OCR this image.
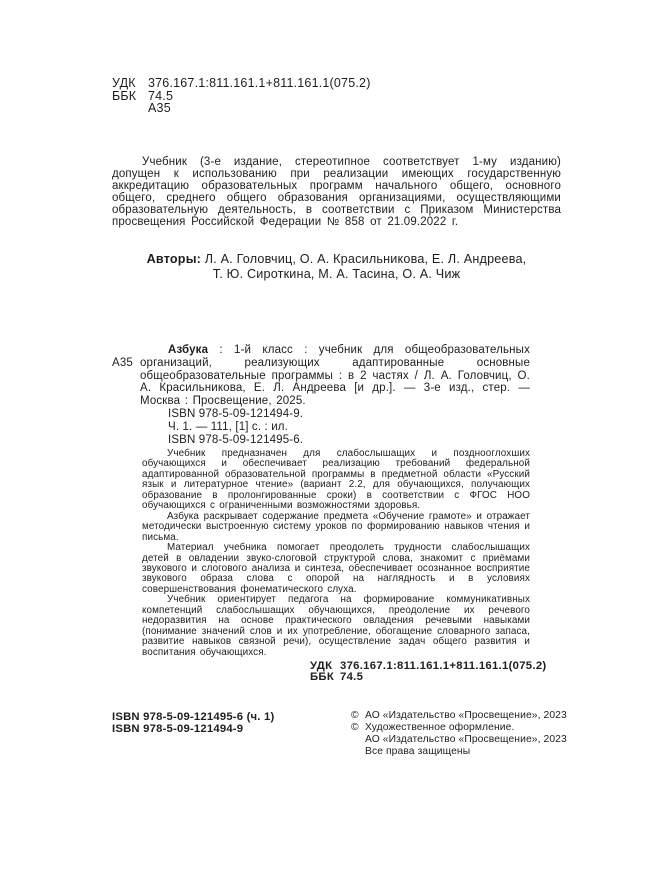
УДК 376.167.1:811.161.1+811.161.1(075.2)
ББК 74.5
А35

Учебник (3-е издание, стереотипное соответствует 1-му изданию) допущен к использованию при реализации имеющих государственную аккредитацию образовательных программ начального общего, основного общего, среднего общего образования организациями, осуществляющими образовательную деятельность, в соответствии с Приказом Министерства просвещения Российской Федерации № 858 от 21.09.2022 г.

Авторы: Л. А. Головчиц, О. А. Красильникова, Е. Л. Андреева,
Т. Ю. Сироткина, М. А. Тасина, О. А. Чиж
А35

Азбука : 1-й класс : учебник для общеобразовательных организаций, реализующих адаптированные основные общеобразовательные программы : в 2 частях / Л. А. Головчиц, О. А. Красильникова, Е. Л. Андреева [и др.]. — 3-е изд., стер. — Москва : Просвещение, 2025.

ISBN 978-5-09-121494-9.
Ч. 1. — 111, [1] с. : ил.
ISBN 978-5-09-121495-6.

Учебник предназначен для слабослышащих и позднооглохших обучающихся и обеспечивает реализацию требований федеральной адаптированной образовательной программы в предметной области «Русский язык и литературное чтение» (вариант 2.2, для обучающихся, получающих образование в пролонгированные сроки) в соответствии с ФГОС НОО обучающихся с ограниченными возможностями здоровья.

Азбука раскрывает содержание предмета «Обучение грамоте» и отражает методически выстроенную систему уроков по формированию навыков чтения и письма.

Материал учебника помогает преодолеть трудности слабослышащих детей в овладении звуко-слоговой структурой слова, знакомит с приёмами звукового и слогового анализа и синтеза, обеспечивает осознанное восприятие звукового образа слова с опорой на наглядность и в условиях совершенствования фонематического слуха.

Учебник ориентирует педагога на формирование коммуникативных компетенций слабослышащих обучающихся, преодоление их речевого недоразвития на основе практического овладения речевыми навыками (понимание значений слов и их употребление, обогащение словарного запаса, развитие навыков связной речи), осуществление задач общего развития и воспитания обучающихся.

УДК 376.167.1:811.161.1+811.161.1(075.2)
ББК 74.5
ISBN 978-5-09-121495-6 (ч. 1)
ISBN 978-5-09-121494-9
© АО «Издательство «Просвещение», 2023
© Художественное оформление.
АО «Издательство «Просвещение», 2023
Все права защищены
